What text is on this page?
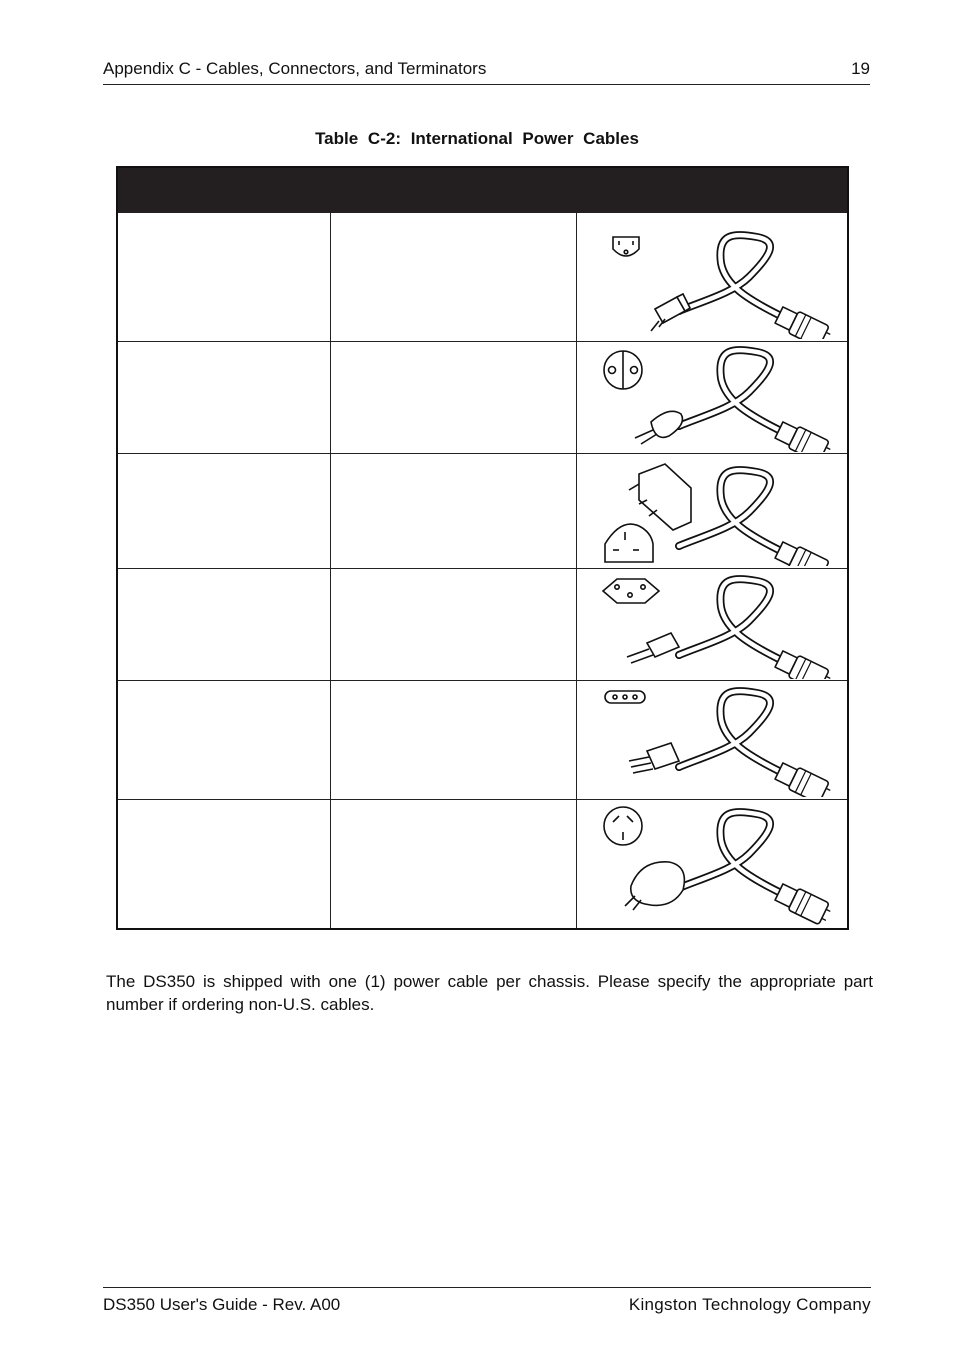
Appendix C - Cables, Connectors, and Terminators	19
Table C-2: International Power Cables

The DS350 is shipped with one (1) power cable per chassis. Please specify the appropriate part number if ordering non-U.S. cables.
DS350 User's Guide - Rev. A00	Kingston Technology Company
